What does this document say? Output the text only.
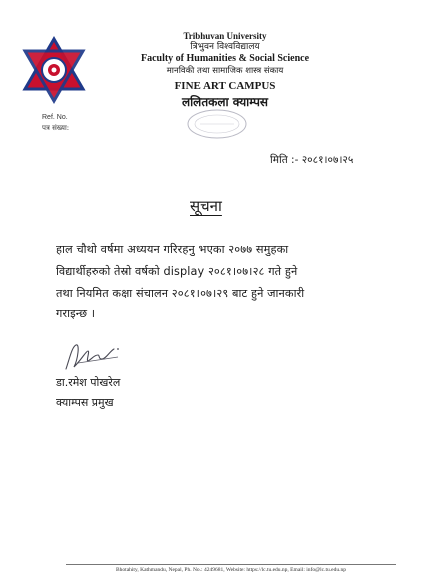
Tribhuvan University
त्रिभुवन विश्वविद्यालय
Faculty of Humanities & Social Science
मानविकी तथा सामाजिक शास्त्र संकाय
FINE ART CAMPUS
ललितकला क्याम्पस
Ref. No.
पत्र संख्या:
मिति :- २०८१।०७।२५
सूचना
हाल चौथो वर्षमा अध्ययन गरिरहनु भएका २०७७ समुहका
विद्यार्थीहरुको तेस्रो वर्षको display २०८१।०७।२८ गते हुने
तथा नियमित कक्षा संचालन २०८१।०७।२९ बाट हुने जानकारी
गराइन्छ ।
डा.रमेश पोखरेल
क्याम्पस प्रमुख
Bhotahity, Kathmandu, Nepal, Ph. No.: 4249681, Website: https://lc.tu.edu.np, Email: info@lc.tu.edu.np
